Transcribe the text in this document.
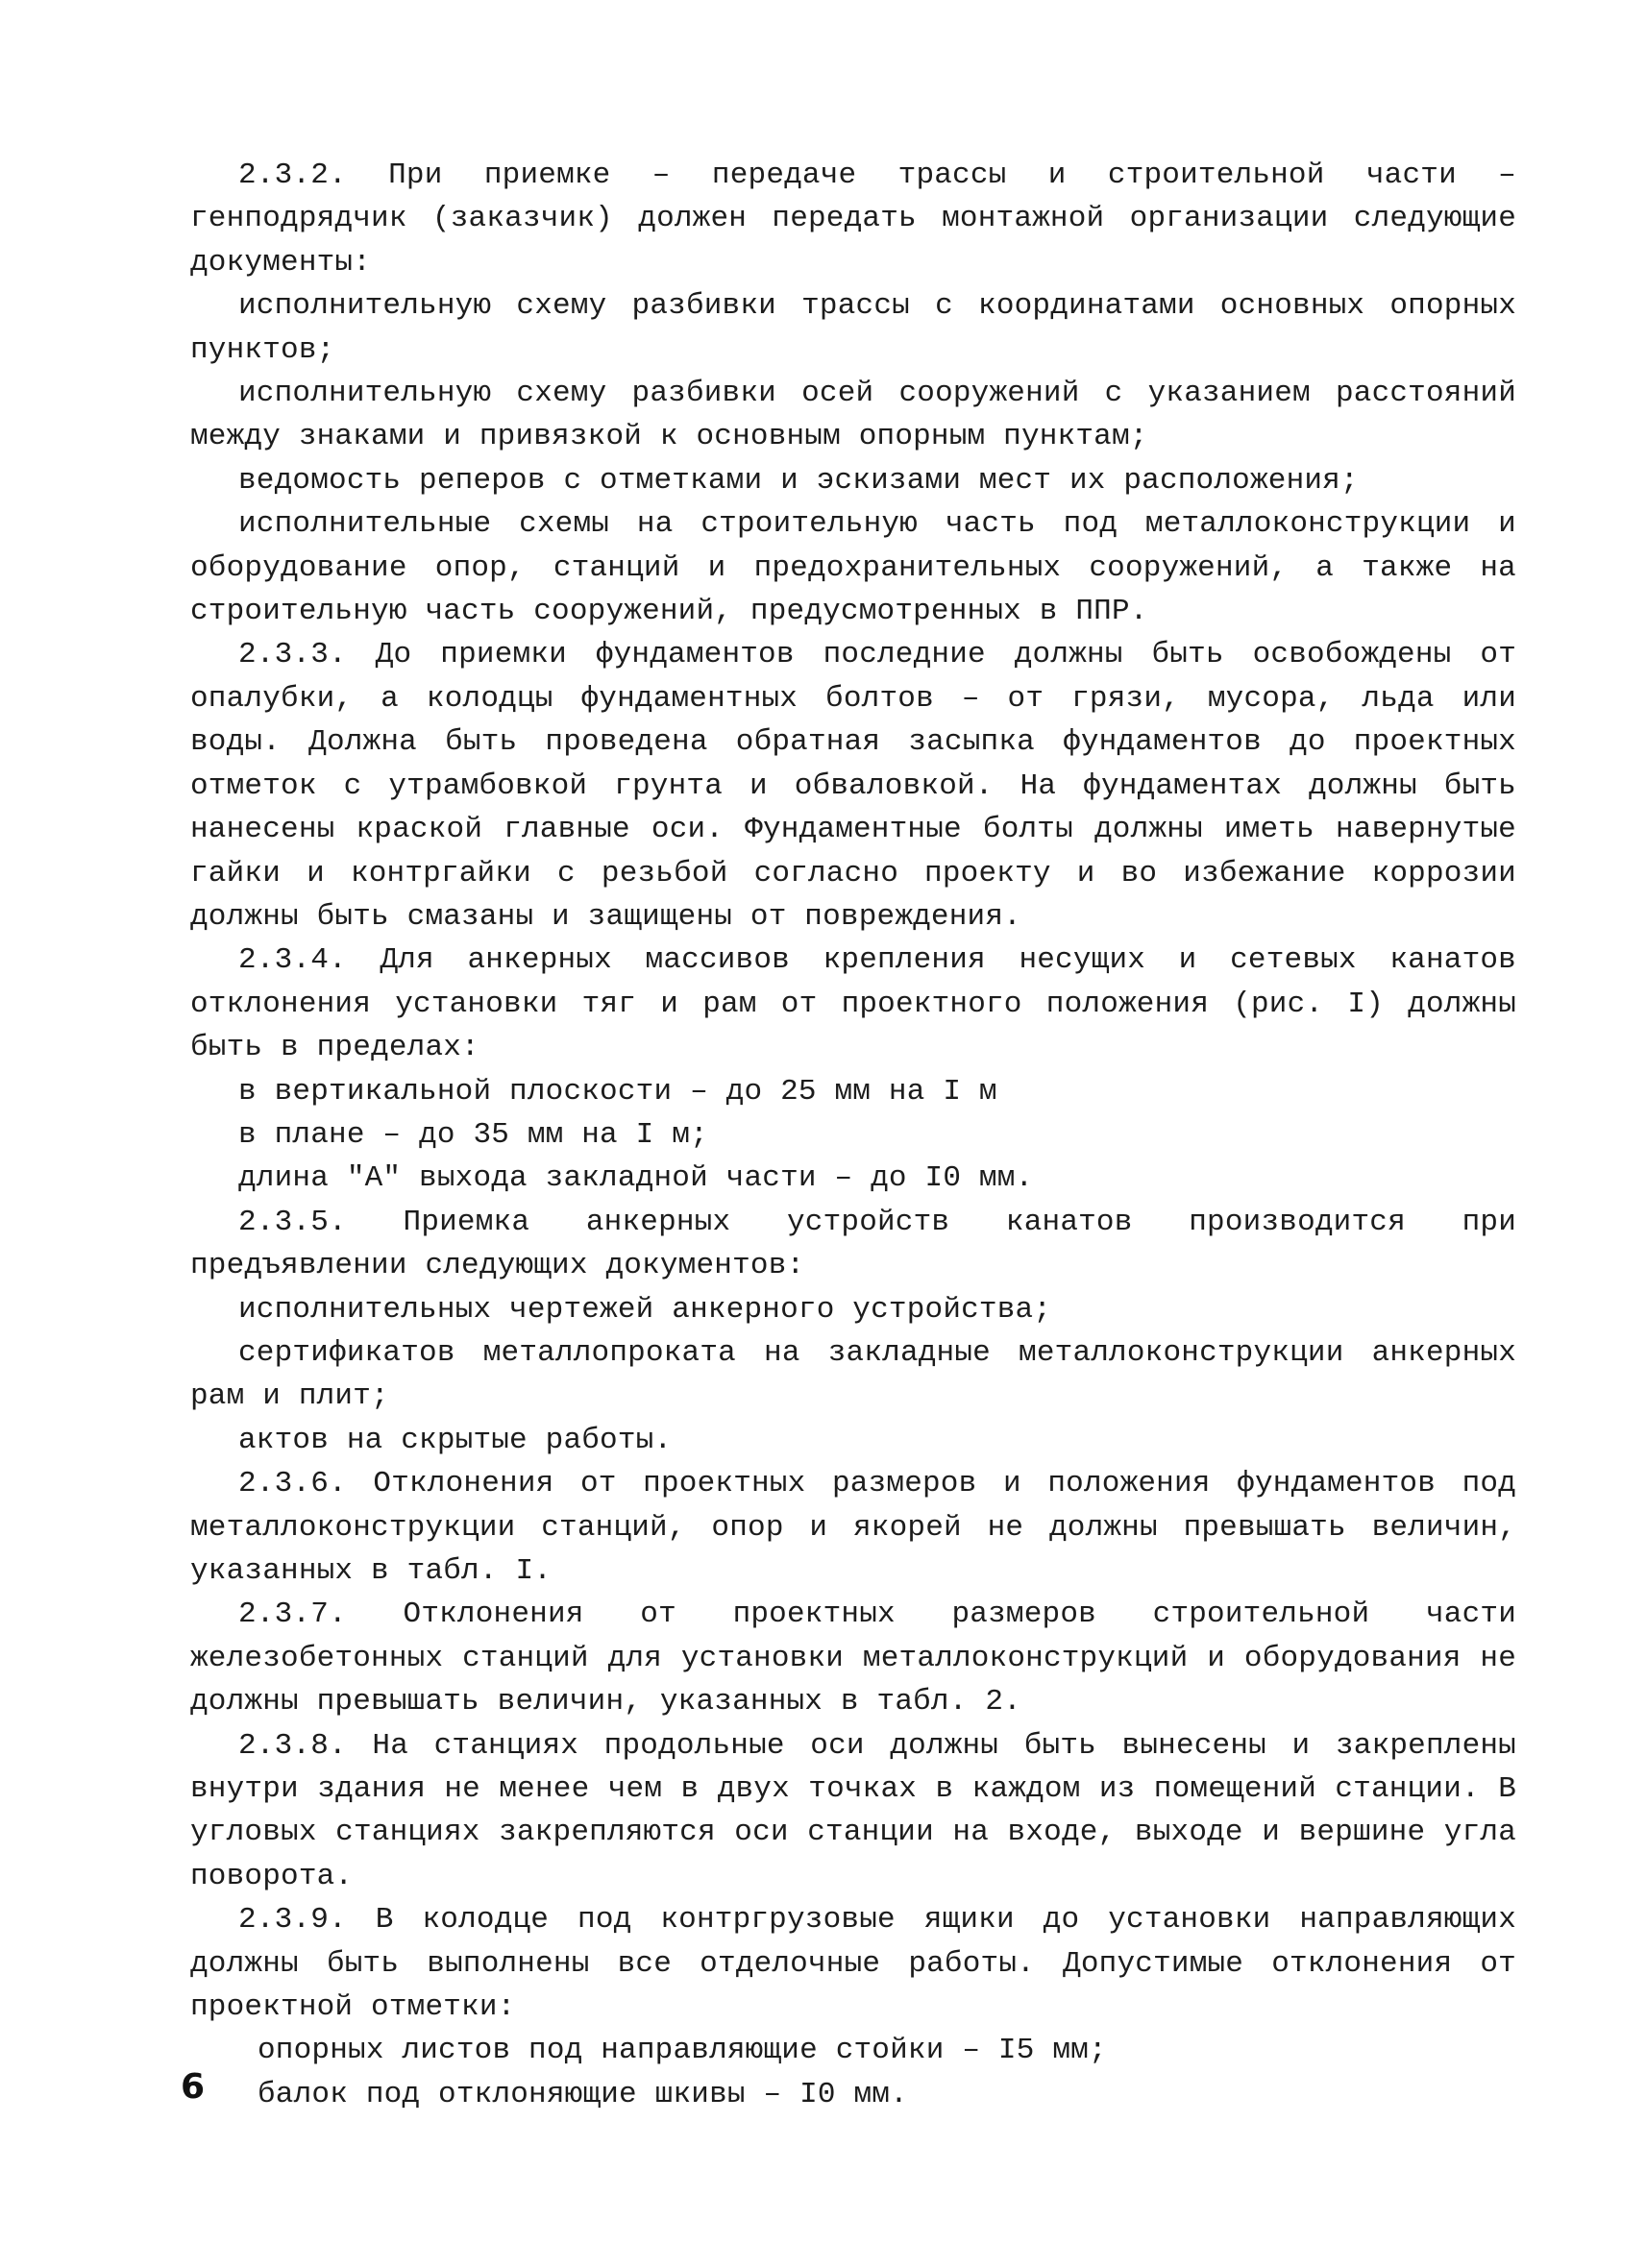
2.3.2. При приемке – передаче трассы и строительной части – генподрядчик (заказчик) должен передать монтажной организации следующие документы:

исполнительную схему разбивки трассы с координатами основных опорных пунктов;

исполнительную схему разбивки осей сооружений с указанием расстояний между знаками и привязкой к основным опорным пунктам;

ведомость реперов с отметками и эскизами мест их расположения;

исполнительные схемы на строительную часть под металлоконструкции и оборудование опор, станций и предохранительных сооружений, а также на строительную часть сооружений, предусмотренных в ППР.

2.3.3. До приемки фундаментов последние должны быть освобождены от опалубки, а колодцы фундаментных болтов – от грязи, мусора, льда или воды. Должна быть проведена обратная засыпка фундаментов до проектных отметок с утрамбовкой грунта и обваловкой. На фундаментах должны быть нанесены краской главные оси. Фундаментные болты должны иметь навернутые гайки и контргайки с резьбой согласно проекту и во избежание коррозии должны быть смазаны и защищены от повреждения.

2.3.4. Для анкерных массивов крепления несущих и сетевых канатов отклонения установки тяг и рам от проектного положения (рис. I) должны быть в пределах:

в вертикальной плоскости – до 25 мм на I м

в плане – до 35 мм на I м;

длина "А" выхода закладной части – до I0 мм.

2.3.5. Приемка анкерных устройств канатов производится при предъявлении следующих документов:

исполнительных чертежей анкерного устройства;

сертификатов металлопроката на закладные металлоконструкции анкерных рам и плит;

актов на скрытые работы.

2.3.6. Отклонения от проектных размеров и положения фундаментов под металлоконструкции станций, опор и якорей не должны превышать величин, указанных в табл. I.

2.3.7. Отклонения от проектных размеров строительной части железобетонных станций для установки металлоконструкций и оборудования не должны превышать величин, указанных в табл. 2.

2.3.8. На станциях продольные оси должны быть вынесены и закреплены внутри здания не менее чем в двух точках в каждом из помещений станции. В угловых станциях закрепляются оси станции на входе, выходе и вершине угла поворота.

2.3.9. В колодце под контргрузовые ящики до установки направляющих должны быть выполнены все отделочные работы. Допустимые отклонения от проектной отметки:

опорных листов под направляющие стойки – I5 мм;

балок под отклоняющие шкивы – I0 мм.

6
